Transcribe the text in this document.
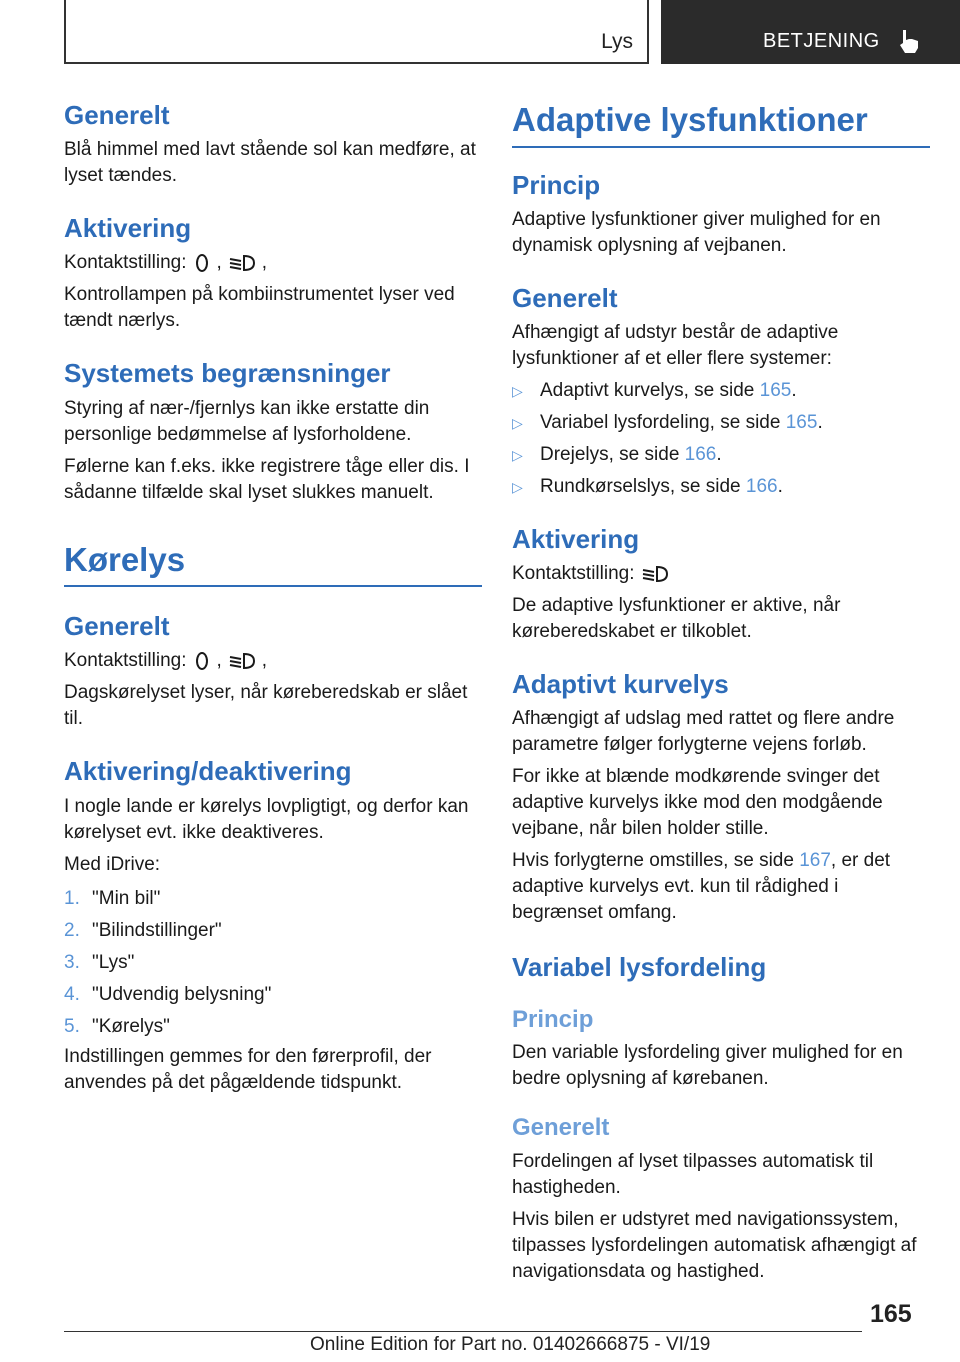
Lys	BETJENING
Generelt
Blå himmel med lavt stående sol kan medføre, at lyset tændes.
Aktivering
Kontaktstilling: , ,
Kontrollampen på kombiinstrumentet lyser ved tændt nærlys.
Systemets begrænsninger
Styring af nær-/fjernlys kan ikke erstatte din personlige bedømmelse af lysforholdene.
Følerne kan f.eks. ikke registrere tåge eller dis. I sådanne tilfælde skal lyset slukkes manuelt.
Kørelys
Generelt
Kontaktstilling: , ,
Dagskørelyset lyser, når køreberedskab er slået til.
Aktivering/deaktivering
I nogle lande er kørelys lovpligtigt, og derfor kan kørelyset evt. ikke deaktiveres.
Med iDrive:
1. "Min bil"
2. "Bilindstillinger"
3. "Lys"
4. "Udvendig belysning"
5. "Kørelys"
Indstillingen gemmes for den førerprofil, der anvendes på det pågældende tidspunkt.
Adaptive lysfunktioner
Princip
Adaptive lysfunktioner giver mulighed for en dynamisk oplysning af vejbanen.
Generelt
Afhængigt af udstyr består de adaptive lysfunktioner af et eller flere systemer:
▷ Adaptivt kurvelys, se side 165.
▷ Variabel lysfordeling, se side 165.
▷ Drejelys, se side 166.
▷ Rundkørselslys, se side 166.
Aktivering
Kontaktstilling:
De adaptive lysfunktioner er aktive, når køreberedskabet er tilkoblet.
Adaptivt kurvelys
Afhængigt af udslag med rattet og flere andre parametre følger forlygterne vejens forløb.
For ikke at blænde modkørende svinger det adaptive kurvelys ikke mod den modgående vejbane, når bilen holder stille.
Hvis forlygterne omstilles, se side 167, er det adaptive kurvelys evt. kun til rådighed i begrænset omfang.
Variabel lysfordeling
Princip
Den variable lysfordeling giver mulighed for en bedre oplysning af kørebanen.
Generelt
Fordelingen af lyset tilpasses automatisk til hastigheden.
Hvis bilen er udstyret med navigationssystem, tilpasses lysfordelingen automatisk afhængigt af navigationsdata og hastighed.
165
Online Edition for Part no. 01402666875 - VI/19
